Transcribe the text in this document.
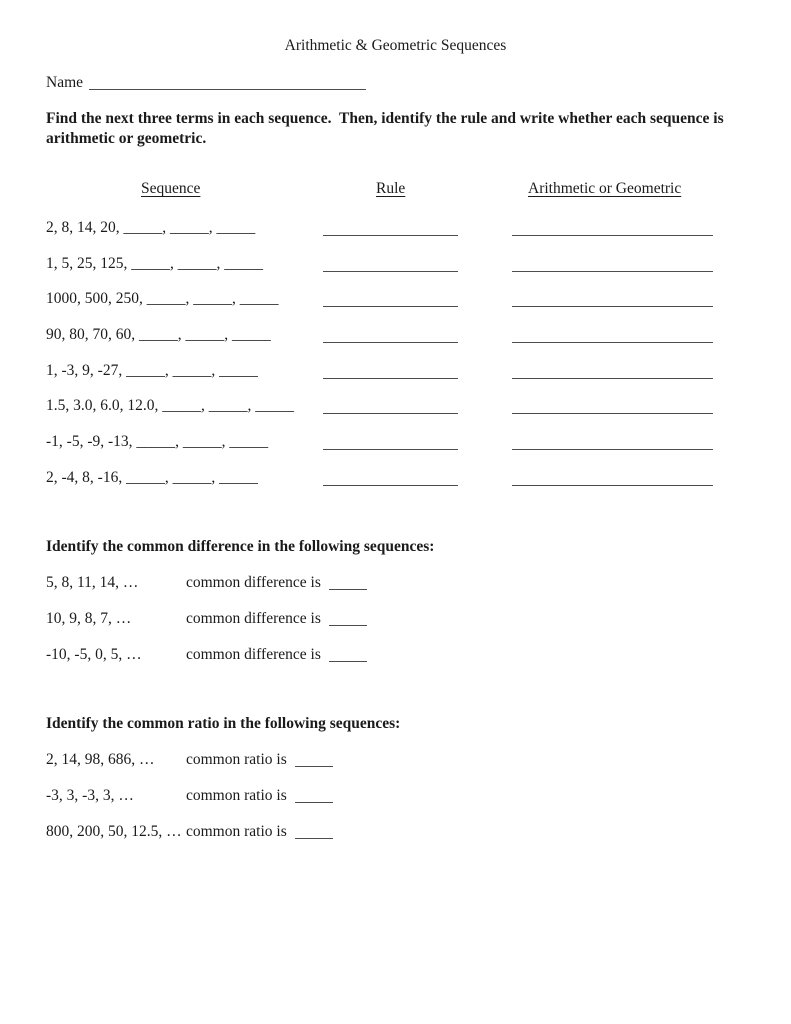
Arithmetic & Geometric Sequences
Name
Find the next three terms in each sequence.  Then, identify the rule and write whether each sequence is arithmetic or geometric.
Sequence	Rule	Arithmetic or Geometric
2, 8, 14, 20, _____, _____, _____
1, 5, 25, 125, _____, _____, _____
1000, 500, 250, _____, _____, _____
90, 80, 70, 60, _____, _____, _____
1, -3, 9, -27, _____, _____, _____
1.5, 3.0, 6.0, 12.0, _____, _____, _____
-1, -5, -9, -13, _____, _____, _____
2, -4, 8, -16, _____, _____, _____
Identify the common difference in the following sequences:
5, 8, 11, 14, …	common difference is
10, 9, 8, 7, …	common difference is
-10, -5, 0, 5, …	common difference is
Identify the common ratio in the following sequences:
2, 14, 98, 686, … common ratio is
-3, 3, -3, 3, …	common ratio is
800, 200, 50, 12.5, … common ratio is
